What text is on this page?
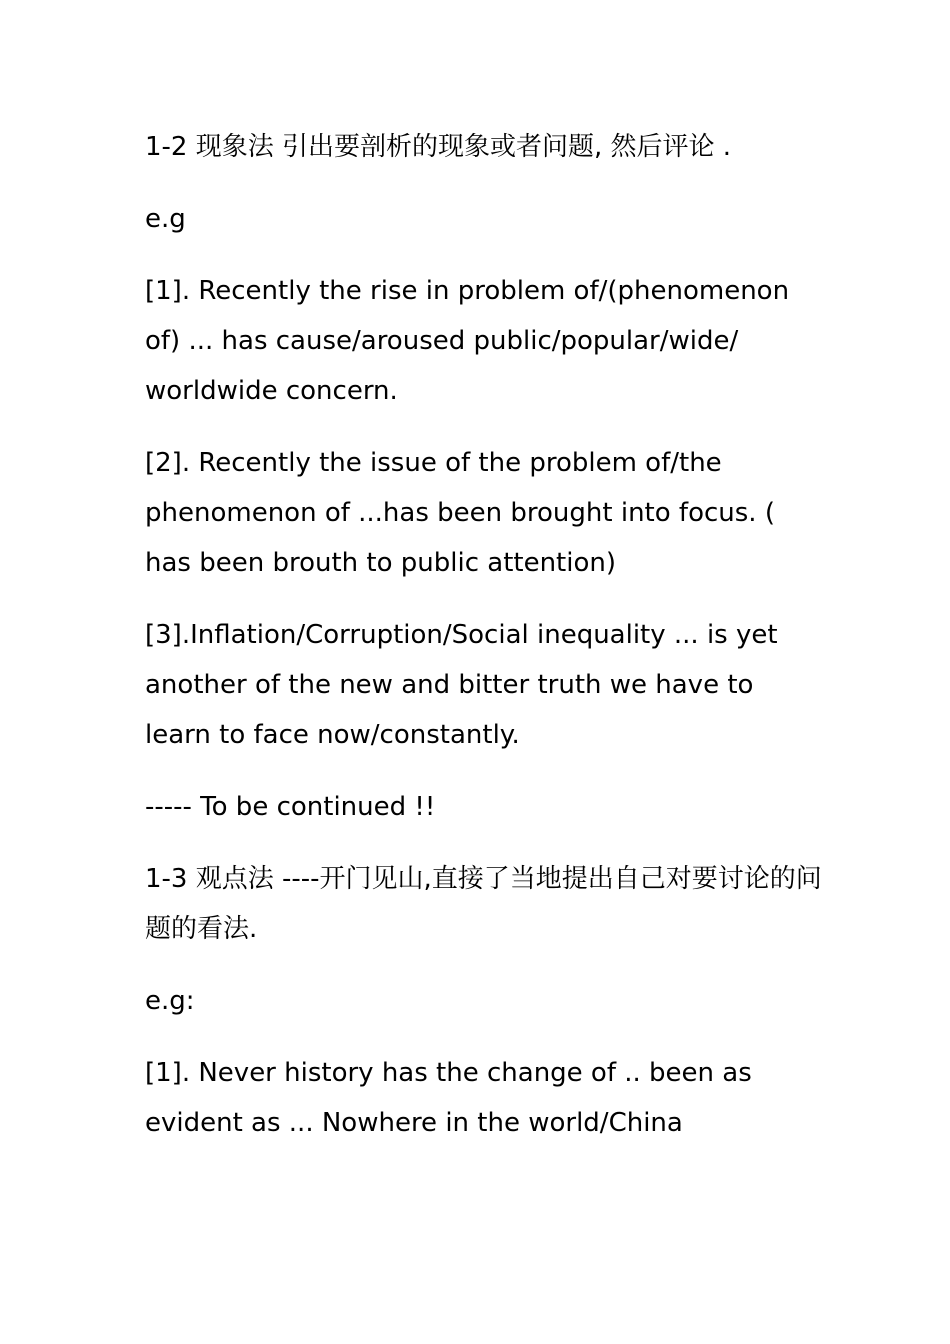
1-2 现象法 引出要剖析的现象或者问题, 然后评论 .

e.g

[1]. Recently the rise in problem of/(phenomenon of) ... has cause/aroused public/popular/wide/ worldwide concern.

[2]. Recently the issue of the problem of/the phenomenon of ...has been brought into focus. ( has been brouth to public attention)

[3].Inflation/Corruption/Social inequality ... is yet another of the new and bitter truth we have to learn to face now/constantly.

----- To be continued !!

1-3 观点法 ----开门见山,直接了当地提出自己对要讨论的问题的看法.

e.g:

[1]. Never history has the change of .. been as evident as ... Nowhere in the world/China
